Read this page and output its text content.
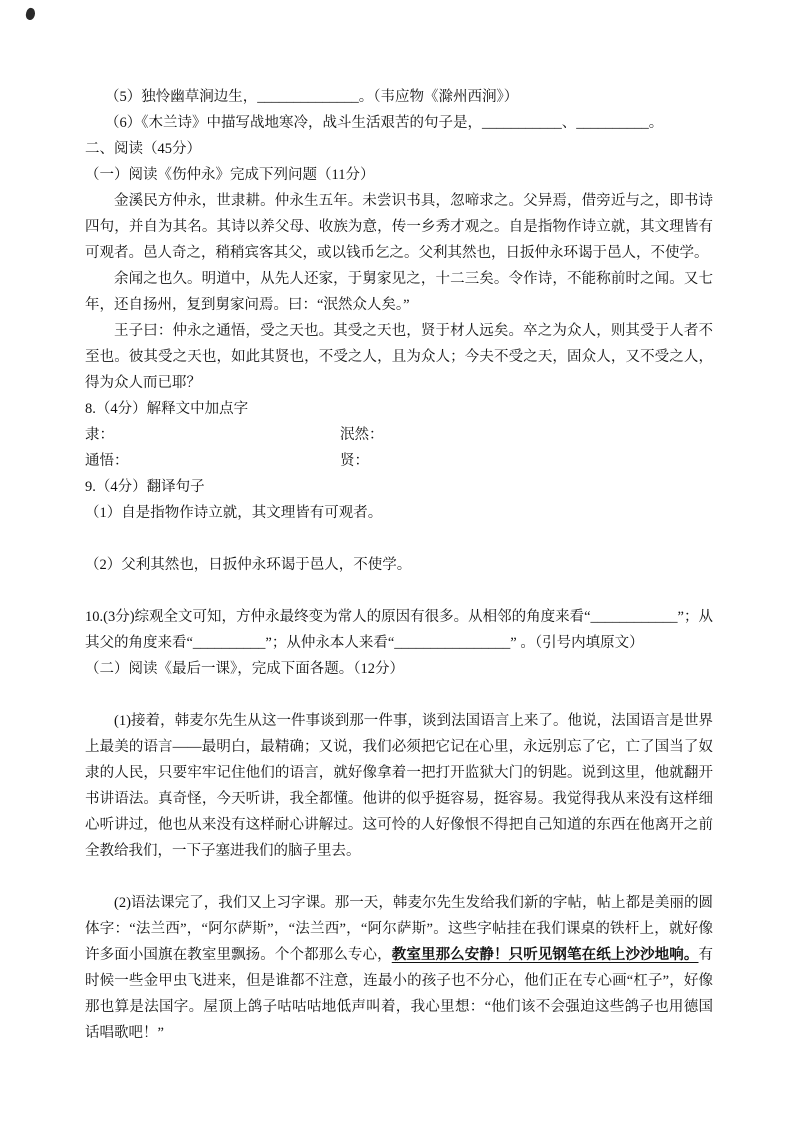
（5）独怜幽草涧边生，______________。（韦应物《滁州西涧》）

（6）《木兰诗》中描写战地寒冷，战斗生活艰苦的句子是，___________、__________。

二、阅读（45分）

（一）阅读《伤仲永》完成下列问题（11分）

金溪民方仲永，世隶耕。仲永生五年。未尝识书具，忽啼求之。父异焉，借旁近与之，即书诗四句，并自为其名。其诗以养父母、收族为意，传一乡秀才观之。自是指物作诗立就，其文理皆有可观者。邑人奇之，稍稍宾客其父，或以钱币乞之。父利其然也，日扳仲永环谒于邑人，不使学。

余闻之也久。明道中，从先人还家，于舅家见之，十二三矣。令作诗，不能称前时之闻。又七年，还自扬州，复到舅家问焉。曰：“泯然众人矣。”

王子曰：仲永之通悟，受之天也。其受之天也，贤于材人远矣。卒之为众人，则其受于人者不至也。彼其受之天也，如此其贤也，不受之人，且为众人；今夫不受之天，固众人，又不受之人，得为众人而已耶？

8.（4分）解释文中加点字

隶：	泯然：
通悟：	贤：

9.（4分）翻译句子

（1）自是指物作诗立就，其文理皆有可观者。

（2）父利其然也，日扳仲永环谒于邑人，不使学。

10.(3分)综观全文可知，方仲永最终变为常人的原因有很多。从相邻的角度来看“____________”；从其父的角度来看“__________”；从仲永本人来看“________________” 。（引号内填原文）

（二）阅读《最后一课》，完成下面各题。（12分）

(1)接着，韩麦尔先生从这一件事谈到那一件事，谈到法国语言上来了。他说，法国语言是世界上最美的语言——最明白，最精确；又说，我们必须把它记在心里，永远别忘了它，亡了国当了奴隶的人民，只要牢牢记住他们的语言，就好像拿着一把打开监狱大门的钥匙。说到这里，他就翻开书讲语法。真奇怪，今天听讲，我全都懂。他讲的似乎挺容易，挺容易。我觉得我从来没有这样细心听讲过，他也从来没有这样耐心讲解过。这可怜的人好像恨不得把自己知道的东西在他离开之前全教给我们，一下子塞进我们的脑子里去。

(2)语法课完了，我们又上习字课。那一天，韩麦尔先生发给我们新的字帖，帖上都是美丽的圆体字：“法兰西”，“阿尔萨斯”，“法兰西”，“阿尔萨斯”。这些字帖挂在我们课桌的铁杆上，就好像许多面小国旗在教室里飘扬。个个都那么专心，教室里那么安静！只听见钢笔在纸上沙沙地响。有时候一些金甲虫飞进来，但是谁都不注意，连最小的孩子也不分心，他们正在专心画“杠子”，好像那也算是法国字。屋顶上鸽子咕咕咕地低声叫着，我心里想：“他们该不会强迫这些鸽子也用德国话唱歌吧！”
